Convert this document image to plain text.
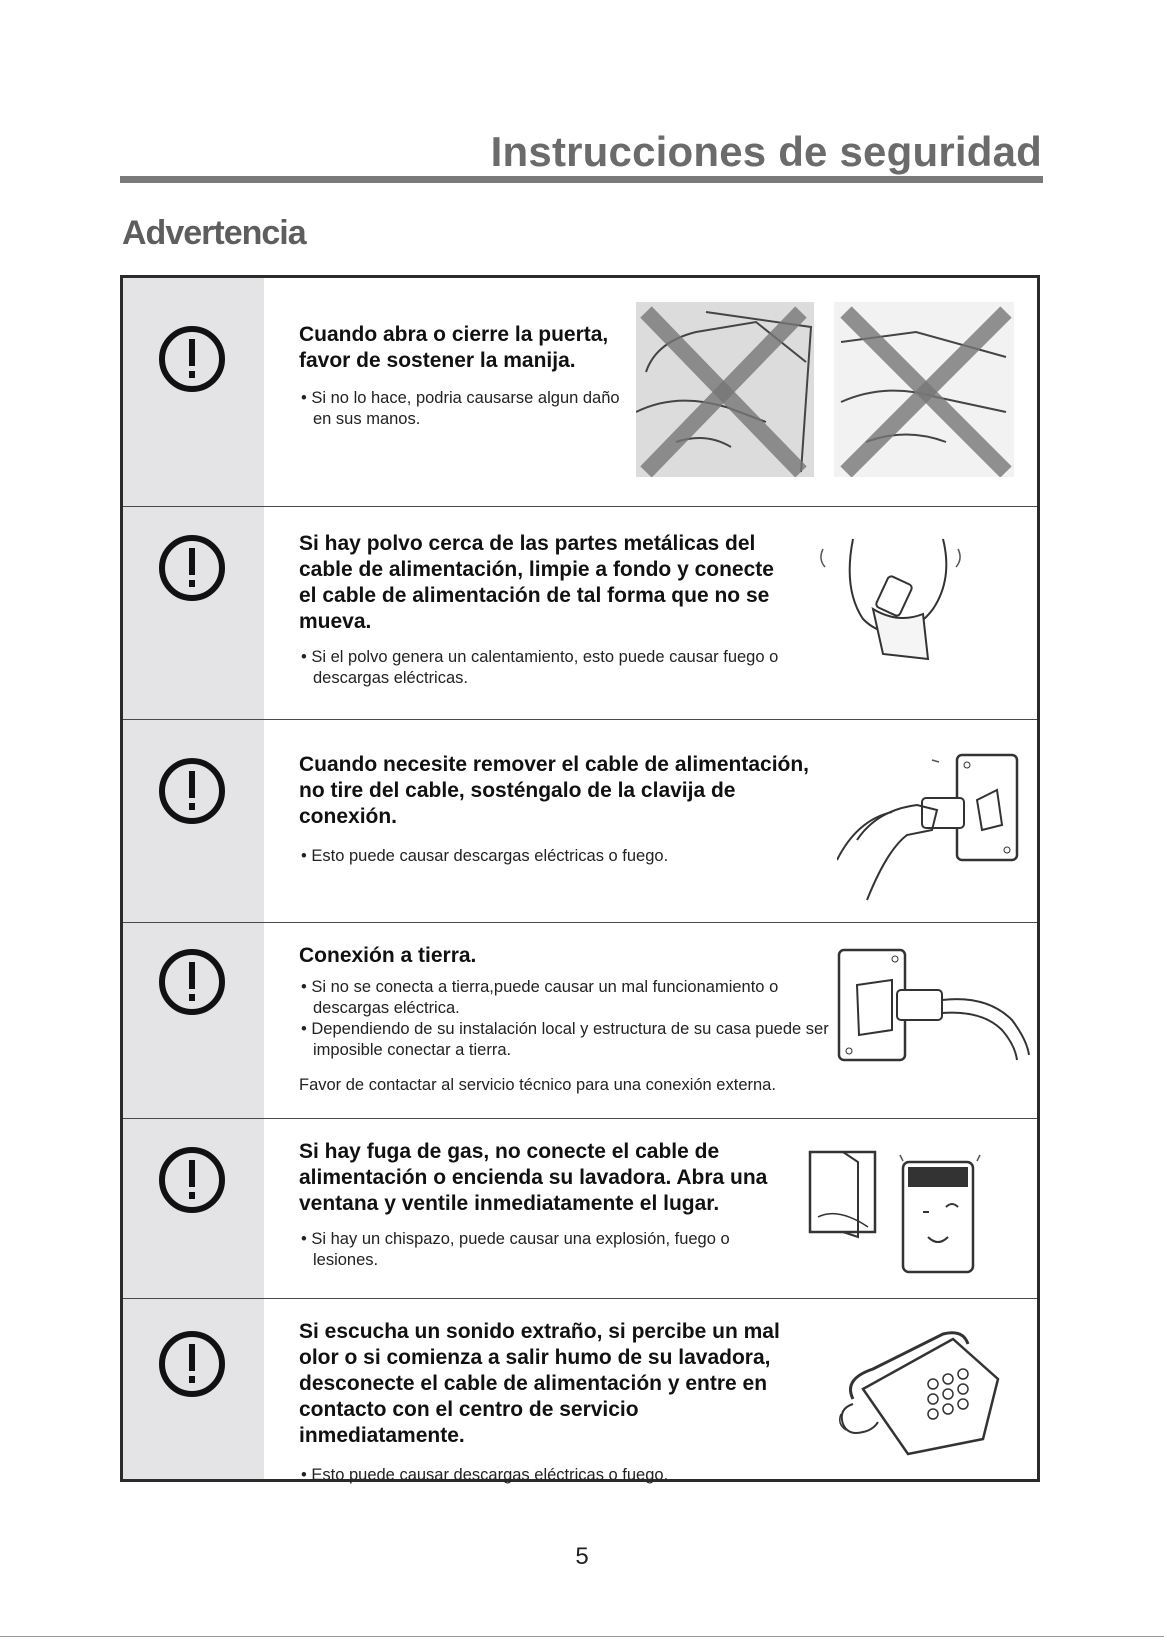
Instrucciones de seguridad
Advertencia
Cuando abra o cierre la puerta, favor de sostener la manija.
• Si no lo hace, podria causarse algun daño en sus manos.
Si hay polvo cerca de las partes metálicas del cable de alimentación, limpie a fondo y conecte el cable de alimentación de tal forma que no se mueva.
• Si el polvo genera un calentamiento, esto puede causar fuego o descargas eléctricas.
Cuando necesite remover el cable de alimentación, no tire del cable, sosténgalo de la clavija de conexión.
• Esto puede causar descargas eléctricas o fuego.
Conexión a tierra.
• Si no se conecta a tierra,puede causar un mal funcionamiento o descargas eléctrica.
• Dependiendo de su instalación local y estructura de su casa puede ser imposible conectar a tierra.
Favor de contactar al servicio técnico para una conexión externa.
Si hay fuga de gas, no conecte el cable de alimentación o encienda su lavadora. Abra una ventana y ventile inmediatamente el lugar.
• Si hay un chispazo, puede causar una explosión, fuego o lesiones.
Si escucha un sonido extraño, si percibe un mal olor o si comienza a salir humo de su lavadora, desconecte el cable de alimentación y entre en contacto con el centro de servicio inmediatamente.
• Esto puede causar descargas eléctricas o fuego.
5
